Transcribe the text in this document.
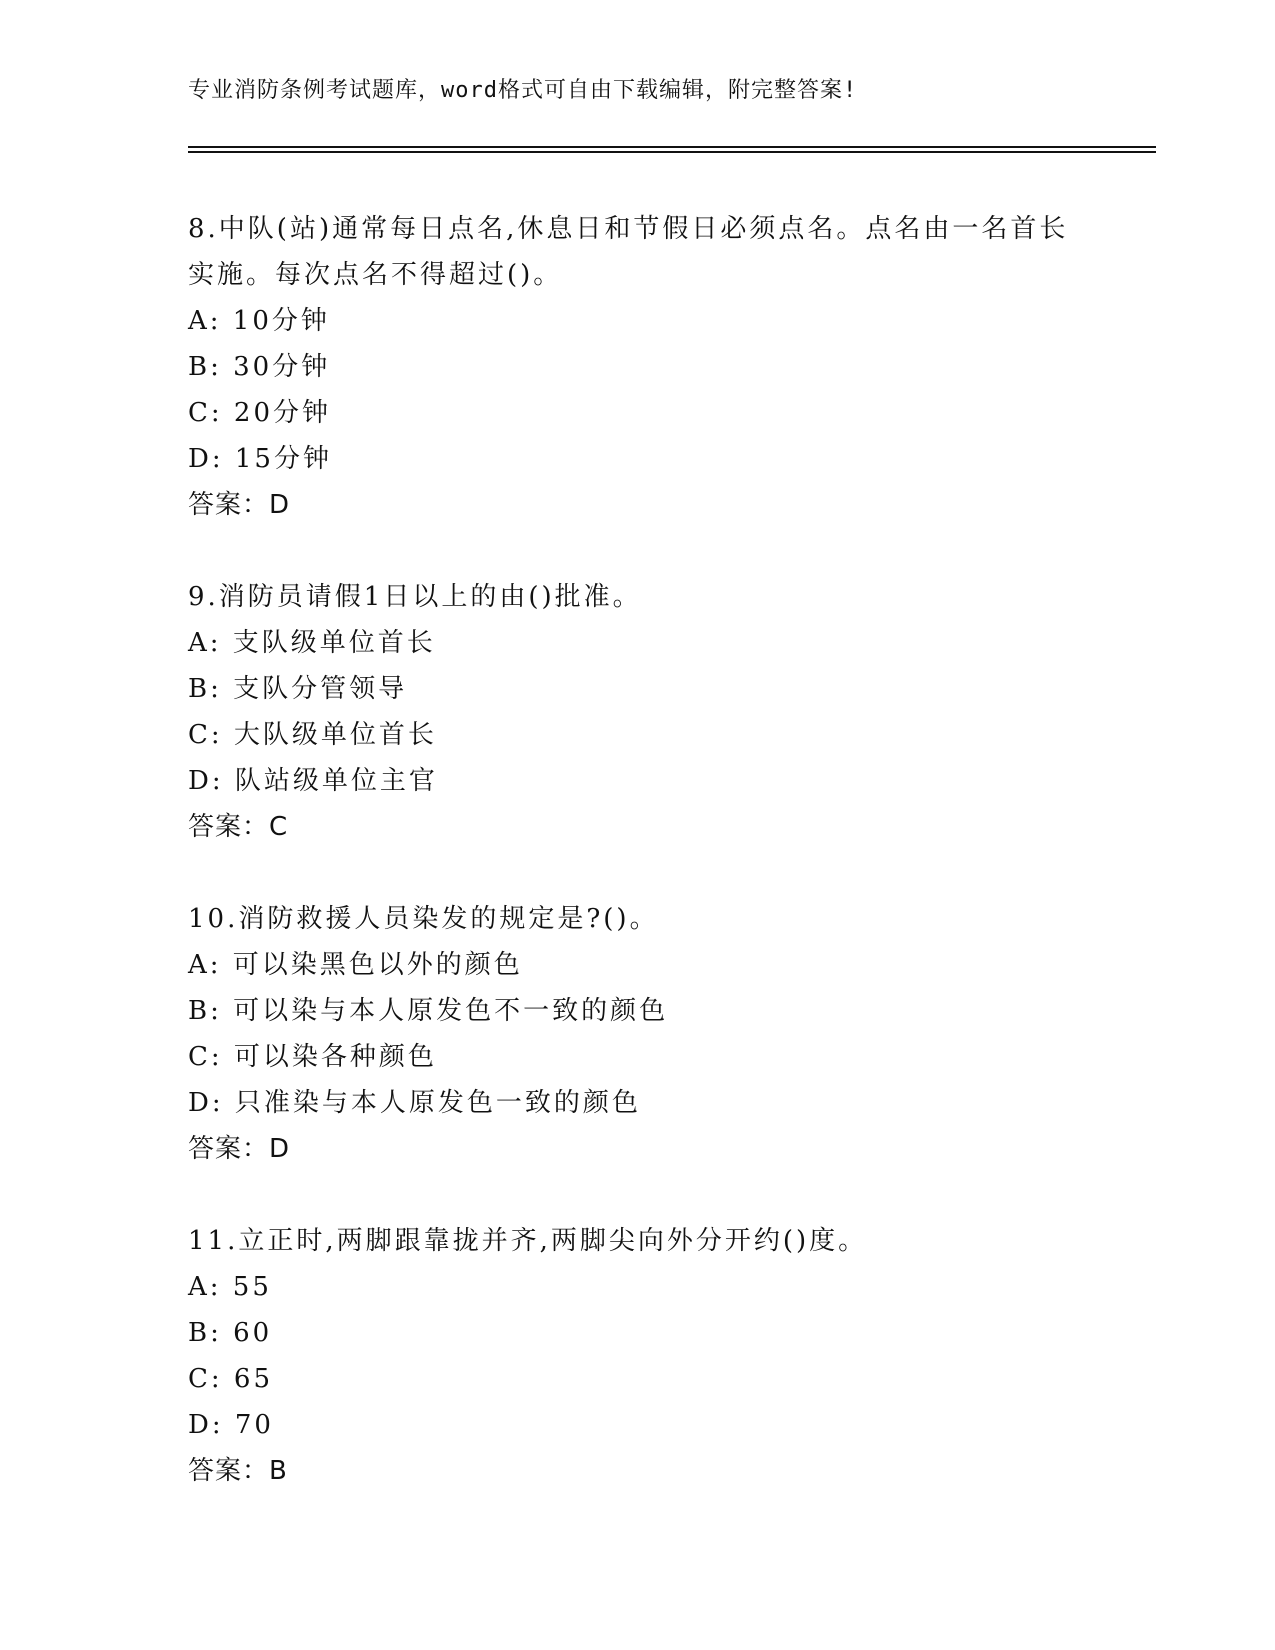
专业消防条例考试题库，word格式可自由下载编辑，附完整答案!
8.中队(站)通常每日点名,休息日和节假日必须点名。点名由一名首长实施。每次点名不得超过()。
A: 10分钟
B: 30分钟
C: 20分钟
D: 15分钟
答案：D
9.消防员请假1日以上的由()批准。
A: 支队级单位首长
B: 支队分管领导
C: 大队级单位首长
D: 队站级单位主官
答案：C
10.消防救援人员染发的规定是?()。
A: 可以染黑色以外的颜色
B: 可以染与本人原发色不一致的颜色
C: 可以染各种颜色
D: 只准染与本人原发色一致的颜色
答案：D
11.立正时,两脚跟靠拢并齐,两脚尖向外分开约()度。
A: 55
B: 60
C: 65
D: 70
答案：B
